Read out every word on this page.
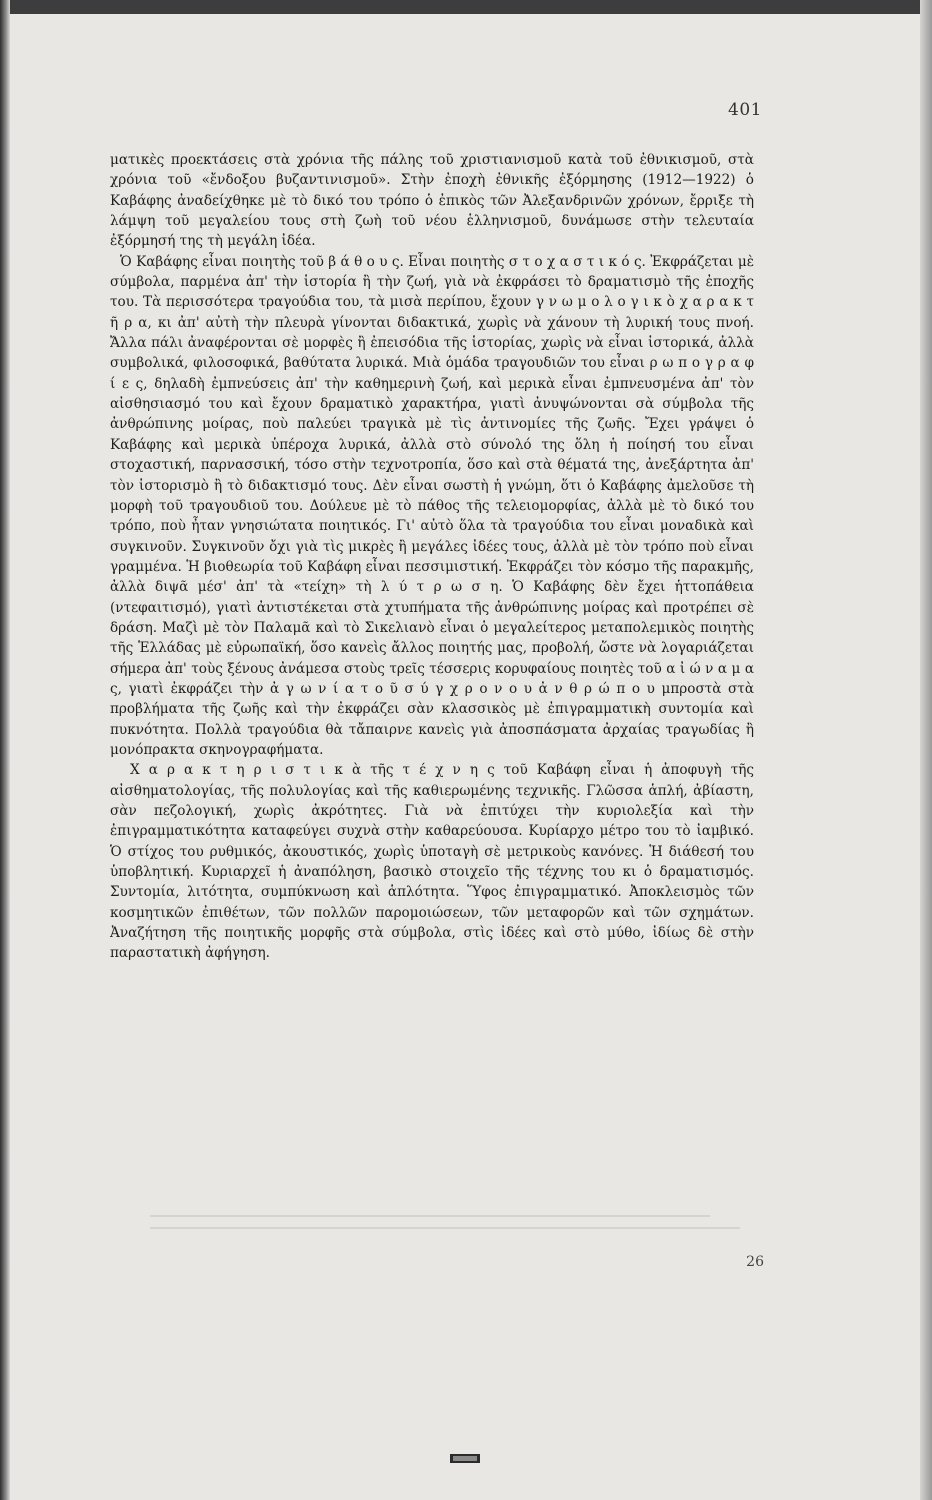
401

ματικὲς προεκτάσεις στὰ χρόνια τῆς πάλης τοῦ χριστιανισμοῦ κατὰ τοῦ ἐθνικισμοῦ, στὰ χρόνια τοῦ «ἔνδοξου βυζαντινισμοῦ». Στὴν ἐποχὴ ἐθνικῆς ἐξόρμησης (1912—1922) ὁ Καβάφης ἀναδείχθηκε μὲ τὸ δικό του τρόπο ὁ ἐπικὸς τῶν Ἀλεξανδρινῶν χρόνων, ἔρριξε τὴ λάμψη τοῦ μεγαλείου τους στὴ ζωὴ τοῦ νέου ἑλληνισμοῦ, δυνάμωσε στὴν τελευταία ἐξόρμησή της τὴ μεγάλη ἰδέα.

Ὁ Καβάφης εἶναι ποιητὴς τοῦ β ά θ ο υ ς. Εἶναι ποιητὴς σ τ ο χ α σ τ ι κ ό ς. Ἐκφράζεται μὲ σύμβολα, παρμένα ἀπ' τὴν ἱστορία ἢ τὴν ζωή, γιὰ νὰ ἐκφράσει τὸ δραματισμὸ τῆς ἐποχῆς του. Τὰ περισσότερα τραγούδια του, τὰ μισὰ περίπου, ἔχουν γ ν ω μ ο λ ο γ ι κ ὸ χ α ρ α κ τ ῆ ρ α, κι ἀπ' αὐτὴ τὴν πλευρὰ γίνονται διδακτικά, χωρὶς νὰ χάνουν τὴ λυρική τους πνοή. Ἄλλα πάλι ἀναφέρονται σὲ μορφὲς ἢ ἐπεισόδια τῆς ἱστορίας, χωρὶς νὰ εἶναι ἱστορικά, ἀλλὰ συμβολικά, φιλοσοφικά, βαθύτατα λυρικά. Μιὰ ὁμάδα τραγουδιῶν του εἶναι ρ ω π ο γ ρ α φ ί ε ς, δηλαδὴ ἐμπνεύσεις ἀπ' τὴν καθημερινὴ ζωή, καὶ μερικὰ εἶναι ἐμπνευσμένα ἀπ' τὸν αἰσθησιασμό του καὶ ἔχουν δραματικὸ χαρακτήρα, γιατὶ ἀνυψώνονται σὰ σύμβολα τῆς ἀνθρώπινης μοίρας, ποὺ παλεύει τραγικὰ μὲ τὶς ἀντινομίες τῆς ζωῆς. Ἔχει γράψει ὁ Καβάφης καὶ μερικὰ ὑπέροχα λυρικά, ἀλλὰ στὸ σύνολό της ὅλη ἡ ποίησή του εἶναι στοχαστική, παρνασσική, τόσο στὴν τεχνοτροπία, ὅσο καὶ στὰ θέματά της, ἀνεξάρτητα ἀπ' τὸν ἱστορισμὸ ἢ τὸ διδακτισμό τους. Δὲν εἶναι σωστὴ ἡ γνώμη, ὅτι ὁ Καβάφης ἀμελοῦσε τὴ μορφὴ τοῦ τραγουδιοῦ του. Δούλευε μὲ τὸ πάθος τῆς τελειομορφίας, ἀλλὰ μὲ τὸ δικό του τρόπο, ποὺ ἦταν γνησιώτατα ποιητικός. Γι' αὐτὸ ὅλα τὰ τραγούδια του εἶναι μοναδικὰ καὶ συγκινοῦν. Συγκινοῦν ὄχι γιὰ τὶς μικρὲς ἢ μεγάλες ἰδέες τους, ἀλλὰ μὲ τὸν τρόπο ποὺ εἶναι γραμμένα. Ἡ βιοθεωρία τοῦ Καβάφη εἶναι πεσσιμιστική. Ἐκφράζει τὸν κόσμο τῆς παρακμῆς, ἀλλὰ διψᾶ μέσ' ἀπ' τὰ «τείχη» τὴ λ ύ τ ρ ω σ η. Ὁ Καβάφης δὲν ἔχει ἡττοπάθεια (ντεφαιτισμό), γιατὶ ἀντιστέκεται στὰ χτυπήματα τῆς ἀνθρώπινης μοίρας καὶ προτρέπει σὲ δράση. Μαζὶ μὲ τὸν Παλαμᾶ καὶ τὸ Σικελιανὸ εἶναι ὁ μεγαλείτερος μεταπολεμικὸς ποιητὴς τῆς Ἑλλάδας μὲ εὐρωπαϊκή, ὅσο κανεὶς ἄλλος ποιητής μας, προβολή, ὥστε νὰ λογαριάζεται σήμερα ἀπ' τοὺς ξένους ἀνάμεσα στοὺς τρεῖς τέσσερις κορυφαίους ποιητὲς τοῦ α ἰ ώ ν α μ α ς, γιατὶ ἐκφράζει τὴν ἀ γ ω ν ί α τ ο ῦ σ ύ γ χ ρ ο ν ο υ ἀ ν θ ρ ώ π ο υ μπροστὰ στὰ προβλήματα τῆς ζωῆς καὶ τὴν ἐκφράζει σὰν κλασσικὸς μὲ ἐπιγραμματικὴ συντομία καὶ πυκνότητα. Πολλὰ τραγούδια θὰ τἄπαιρνε κανεὶς γιὰ ἀποσπάσματα ἀρχαίας τραγωδίας ἢ μονόπρακτα σκηνογραφήματα.

Χ α ρ α κ τ η ρ ι σ τ ι κ ὰ τῆς τ έ χ ν η ς τοῦ Καβάφη εἶναι ἡ ἀποφυγὴ τῆς αἰσθηματολογίας, τῆς πολυλογίας καὶ τῆς καθιερωμένης τεχνικῆς. Γλῶσσα ἁπλή, ἀβίαστη, σὰν πεζολογική, χωρὶς ἀκρότητες. Γιὰ νὰ ἐπιτύχει τὴν κυριολεξία καὶ τὴν ἐπιγραμματικότητα καταφεύγει συχνὰ στὴν καθαρεύουσα. Κυρίαρχο μέτρο του τὸ ἰαμβικό. Ὁ στίχος του ρυθμικός, ἀκουστικός, χωρὶς ὑποταγὴ σὲ μετρικοὺς κανόνες. Ἡ διάθεσή του ὑποβλητική. Κυριαρχεῖ ἡ ἀναπόληση, βασικὸ στοιχεῖο τῆς τέχνης του κι ὁ δραματισμός. Συντομία, λιτότητα, συμπύκνωση καὶ ἁπλότητα. Ὕφος ἐπιγραμματικό. Ἀποκλεισμὸς τῶν κοσμητικῶν ἐπιθέτων, τῶν πολλῶν παρομοιώσεων, τῶν μεταφορῶν καὶ τῶν σχημάτων. Ἀναζήτηση τῆς ποιητικῆς μορφῆς στὰ σύμβολα, στὶς ἰδέες καὶ στὸ μύθο, ἰδίως δὲ στὴν παραστατικὴ ἀφήγηση.

26
